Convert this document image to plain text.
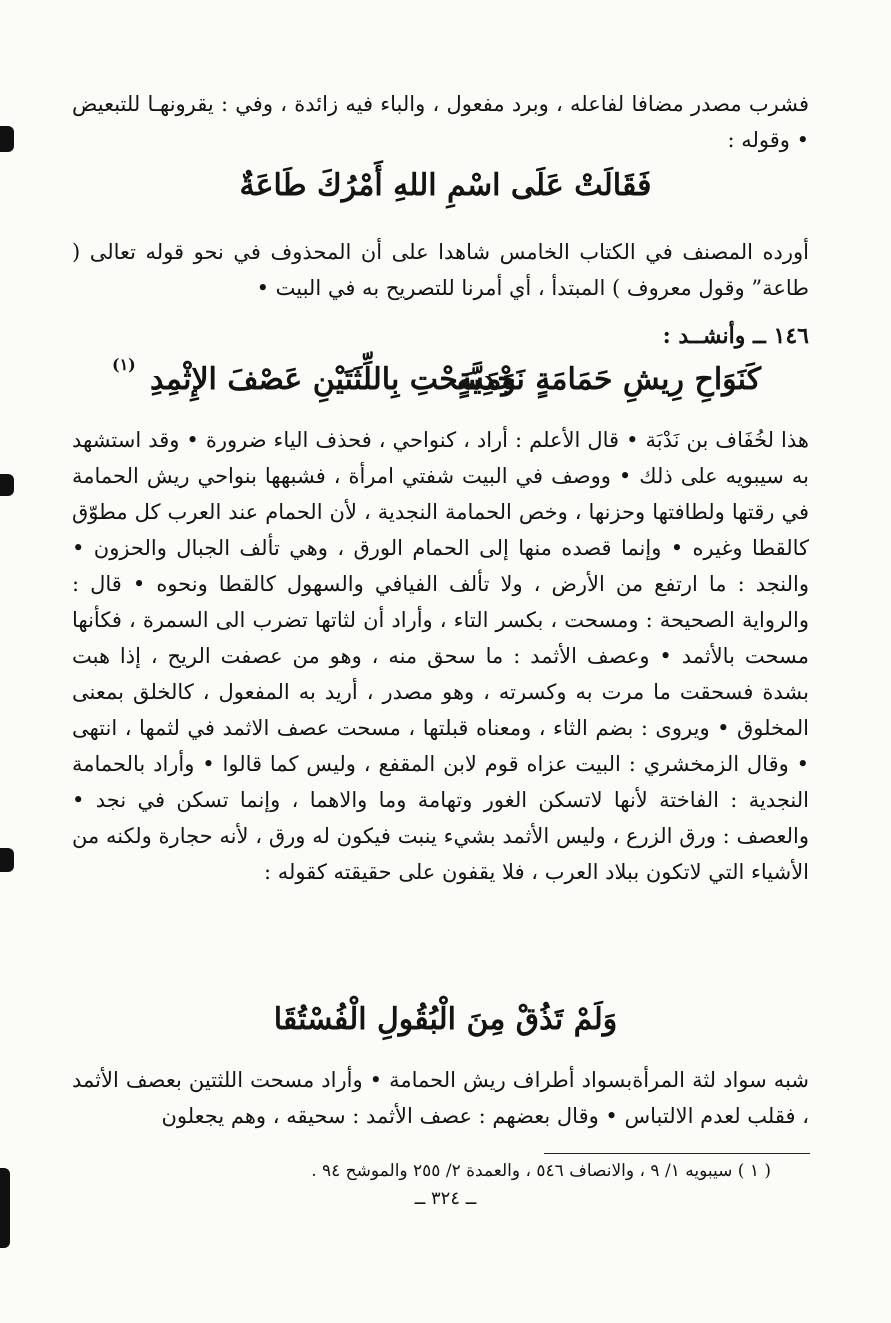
فشرب مصدر مضافا لفاعله ، وبرد مفعول ، والباء فيه زائدة ، وفي : يقرونهـا للتبعيض • وقوله :
فَقَالَتْ عَلَى اسْمِ اللهِ أَمْرُكَ طَاعَةٌ
أورده المصنف في الكتاب الخامس شاهدا على أن المحذوف في نحو قوله تعالى ( طاعة” وقول معروف ) المبتدأ ، أي أمرنا للتصريح به في البيت •
١٤٦ ــ وأنشــد :
كَنَوَاحِ رِيشِ حَمَامَةٍ نَجْدِيَّةٍ
وَمَسَحْتِ بِاللِّثَتَيْنِ عَصْفَ الإِثْمِدِ
(١)
هذا لخُفَاف بن نَدْبَة • قال الأعلم : أراد ، كنواحي ، فحذف الياء ضرورة • وقد استشهد به سيبويه على ذلك • ووصف في البيت شفتي امرأة ، فشبهها بنواحي ريش الحمامة في رقتها ولطافتها وحزنها ، وخص الحمامة النجدية ، لأن الحمام عند العرب كل مطوّق كالقطا وغيره • وإنما قصده منها إلى الحمام الورق ، وهي تألف الجبال والحزون • والنجد : ما ارتفع من الأرض ، ولا تألف الفيافي والسهول كالقطا ونحوه • قال : والرواية الصحيحة : ومسحت ، بكسر التاء ، وأراد أن لثاتها تضرب الى السمرة ، فكأنها مسحت بالأثمد • وعصف الأثمد : ما سحق منه ، وهو من عصفت الريح ، إذا هبت بشدة فسحقت ما مرت به وكسرته ، وهو مصدر ، أريد به المفعول ، كالخلق بمعنى المخلوق • ويروى : بضم الثاء ، ومعناه قبلتها ، مسحت عصف الاثمد في لثمها ، انتهى • وقال الزمخشري : البيت عزاه قوم لابن المقفع ، وليس كما قالوا • وأراد بالحمامة النجدية : الفاختة لأنها لاتسكن الغور وتهامة وما والاهما ، وإنما تسكن في نجد • والعصف : ورق الزرع ، وليس الأثمد بشيء ينبت فيكون له ورق ، لأنه حجارة ولكنه من الأشياء التي لاتكون ببلاد العرب ، فلا يقفون على حقيقته كقوله :
وَلَمْ تَذُقْ مِنَ الْبُقُولِ الْفُسْتُقَا
شبه سواد لثة المرأةبسواد أطراف ريش الحمامة • وأراد مسحت اللثتين بعصف الأثمد ، فقلب لعدم الالتباس • وقال بعضهم : عصف الأثمد : سحيقه ، وهم يجعلون
( ١ ) سيبويه ١/ ٩ ، والانصاف ٥٤٦ ، والعمدة ٢/ ٢٥٥ والموشح ٩٤ .
ــ ٣٢٤ ــ
